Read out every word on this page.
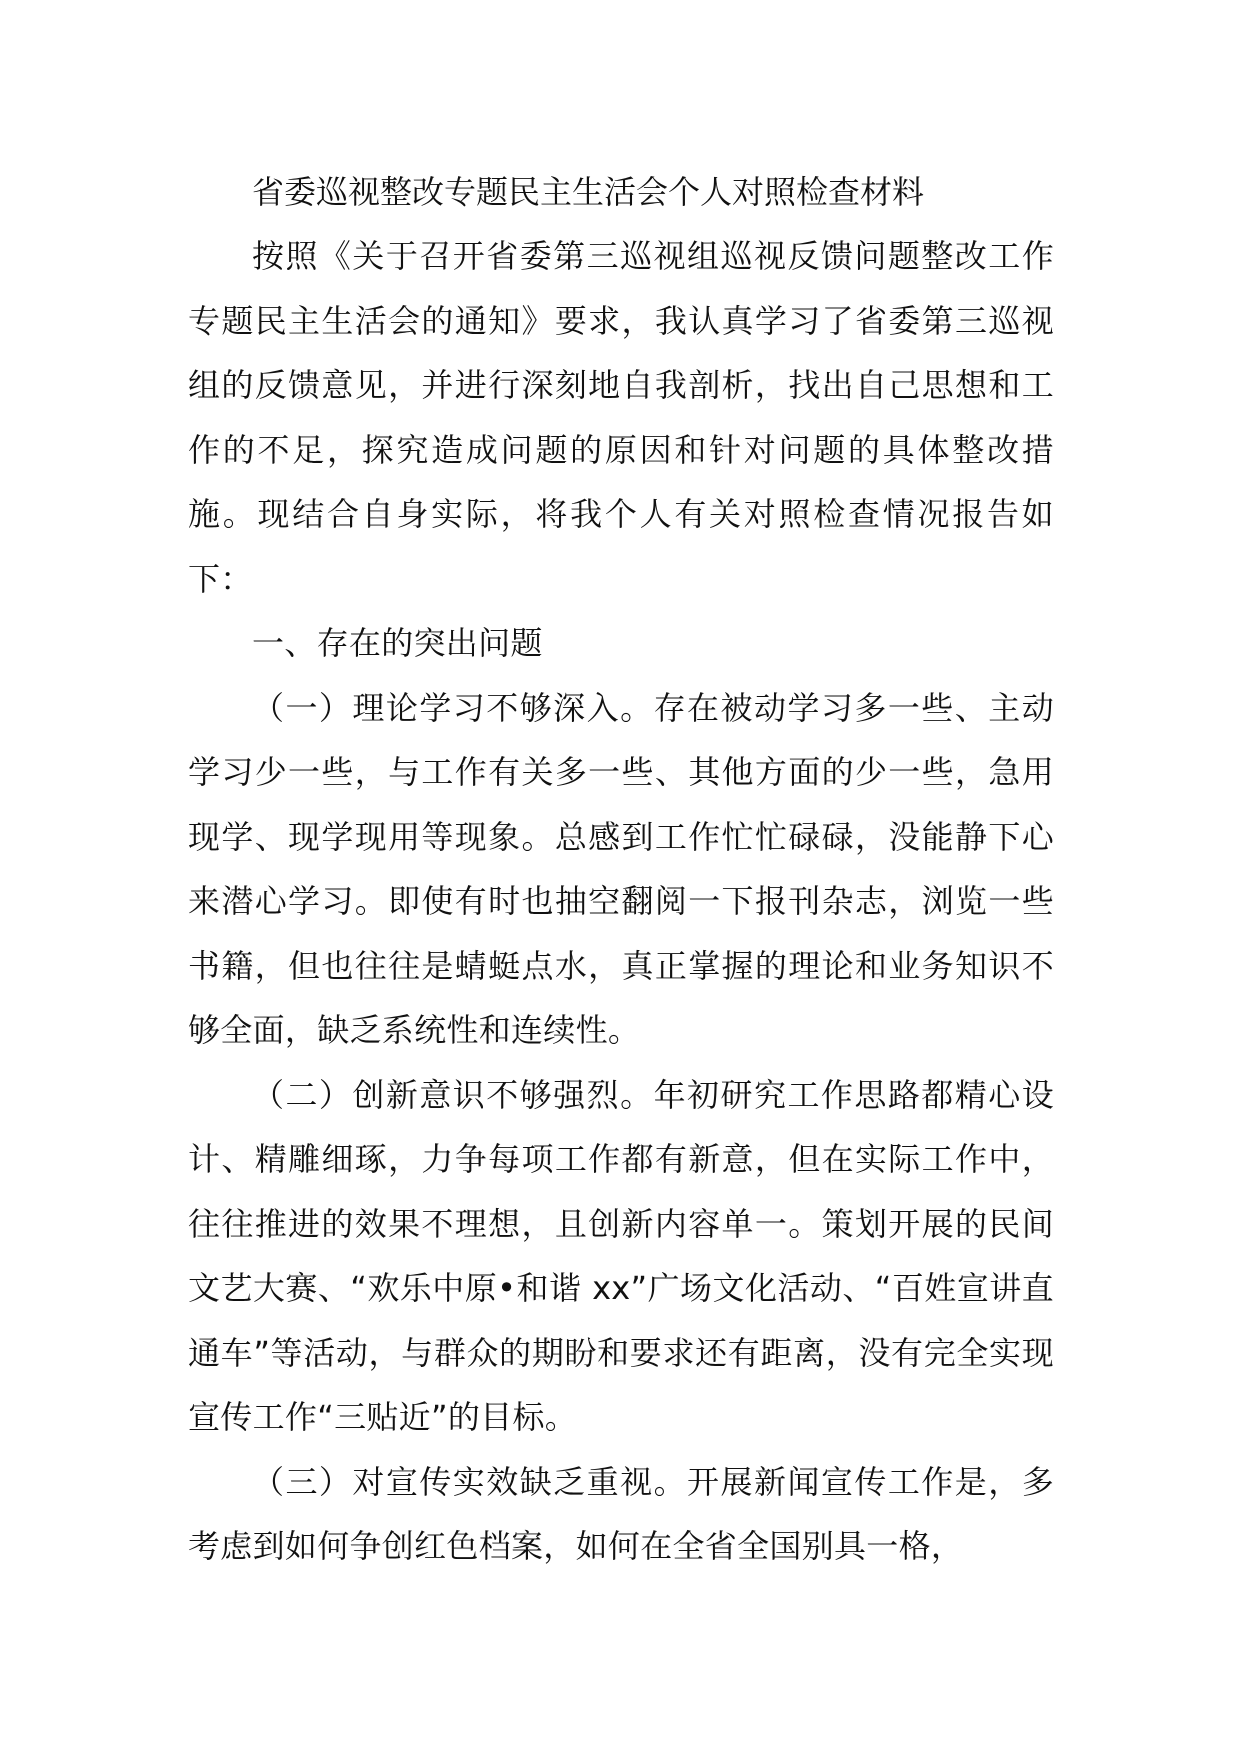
省委巡视整改专题民主生活会个人对照检查材料

按照《关于召开省委第三巡视组巡视反馈问题整改工作专题民主生活会的通知》要求，我认真学习了省委第三巡视组的反馈意见，并进行深刻地自我剖析，找出自己思想和工作的不足，探究造成问题的原因和针对问题的具体整改措施。现结合自身实际，将我个人有关对照检查情况报告如下：

一、存在的突出问题

（一）理论学习不够深入。存在被动学习多一些、主动学习少一些，与工作有关多一些、其他方面的少一些，急用现学、现学现用等现象。总感到工作忙忙碌碌，没能静下心来潜心学习。即使有时也抽空翻阅一下报刊杂志，浏览一些书籍，但也往往是蜻蜓点水，真正掌握的理论和业务知识不够全面，缺乏系统性和连续性。

（二）创新意识不够强烈。年初研究工作思路都精心设计、精雕细琢，力争每项工作都有新意，但在实际工作中，往往推进的效果不理想，且创新内容单一。策划开展的民间文艺大赛、“欢乐中原•和谐 xx”广场文化活动、“百姓宣讲直通车”等活动，与群众的期盼和要求还有距离，没有完全实现宣传工作“三贴近”的目标。

（三）对宣传实效缺乏重视。开展新闻宣传工作是，多考虑到如何争创红色档案，如何在全省全国别具一格，
